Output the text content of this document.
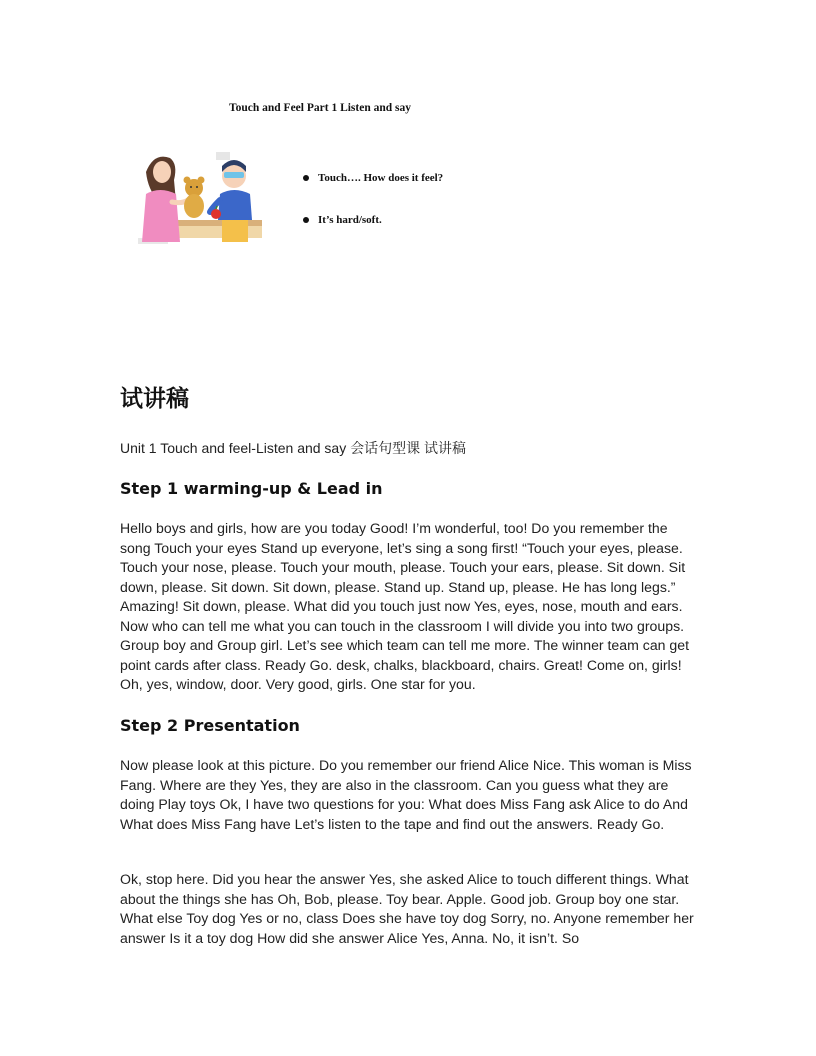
Touch and Feel Part 1 Listen and say
Touch…. How does it feel?
It’s hard/soft.
试讲稿
Unit 1 Touch and feel-Listen and say 会话句型课 试讲稿
Step 1 warming-up & Lead in

Hello boys and girls, how are you today Good! I’m wonderful, too! Do you remember the song Touch your eyes Stand up everyone, let’s sing a song first! “Touch your eyes, please. Touch your nose, please. Touch your mouth, please. Touch your ears, please. Sit down. Sit down, please. Sit down. Sit down, please. Stand up. Stand up, please. He has long legs.” Amazing! Sit down, please. What did you touch just now Yes, eyes, nose, mouth and ears. Now who can tell me what you can touch in the classroom I will divide you into two groups. Group boy and Group girl. Let’s see which team can tell me more. The winner team can get point cards after class. Ready Go. desk, chalks, blackboard, chairs. Great! Come on, girls! Oh, yes, window, door. Very good, girls. One star for you.

Step 2 Presentation

Now please look at this picture. Do you remember our friend Alice Nice. This woman is Miss Fang. Where are they Yes, they are also in the classroom. Can you guess what they are doing Play toys Ok, I have two questions for you: What does Miss Fang ask Alice to do And What does Miss Fang have Let’s listen to the tape and find out the answers. Ready Go.

Ok, stop here. Did you hear the answer Yes, she asked Alice to touch different things. What about the things she has Oh, Bob, please. Toy bear. Apple. Good job. Group boy one star. What else Toy dog Yes or no, class Does she have toy dog Sorry, no. Anyone remember her answer Is it a toy dog How did she answer Alice Yes, Anna. No, it isn’t. So
